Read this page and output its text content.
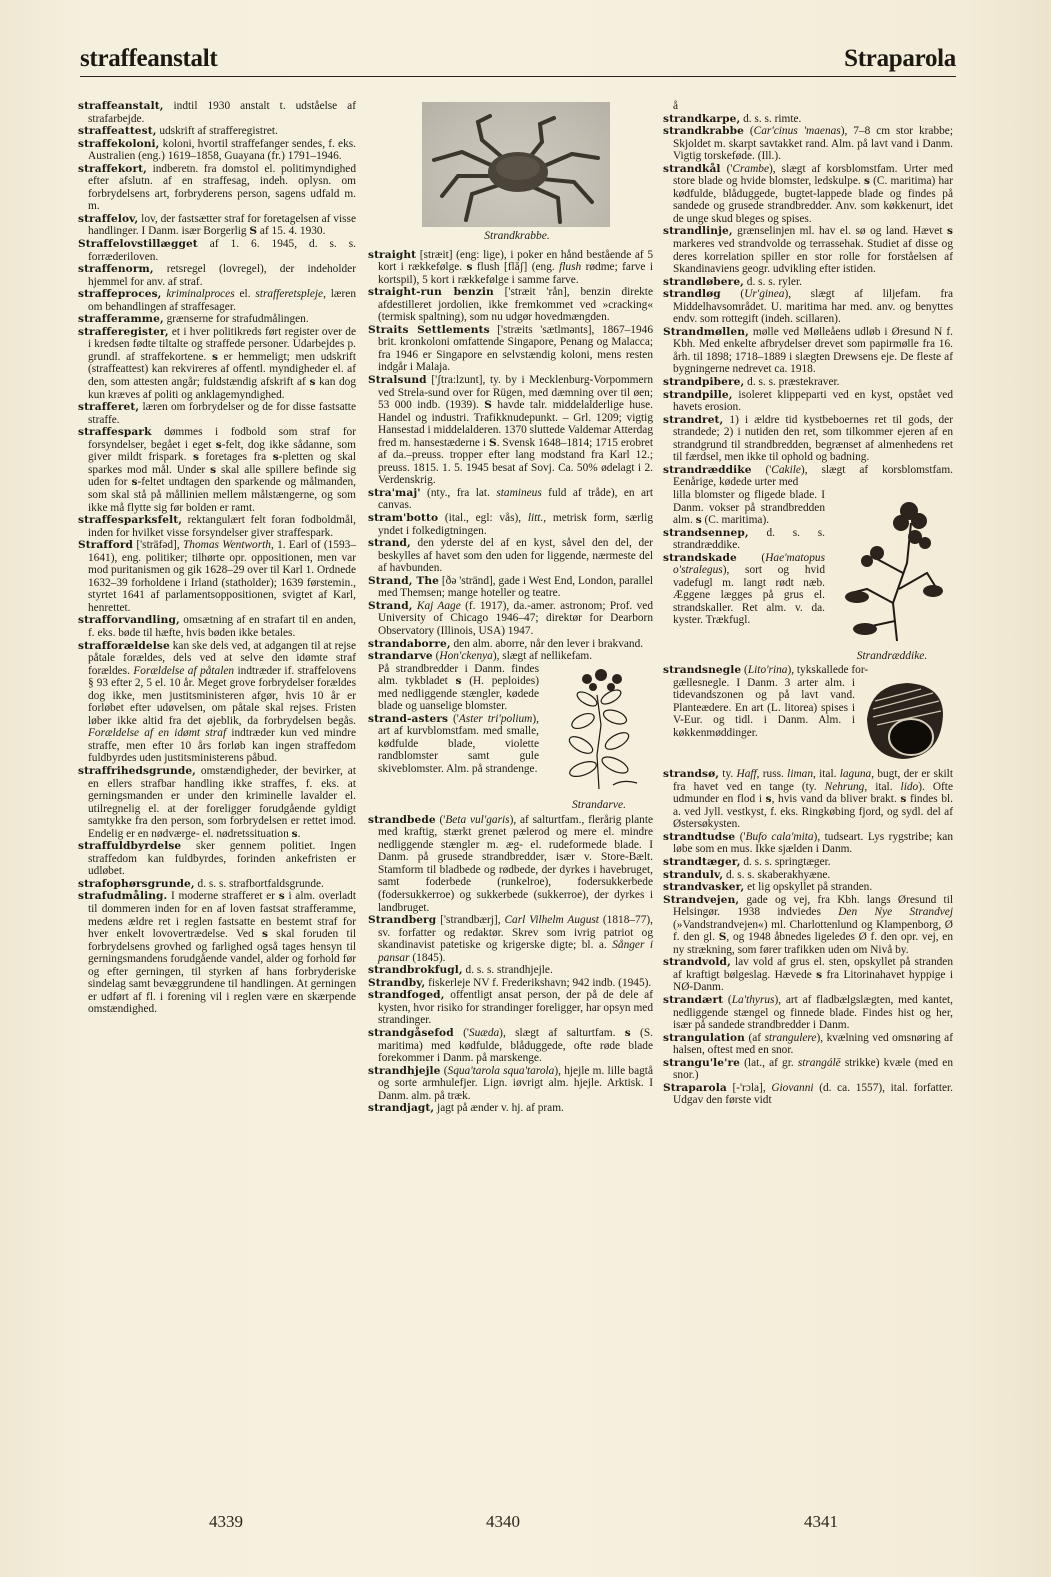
straffeanstalt	Straparola

straffeanstalt, indtil 1930 anstalt t. udståelse af strafarbejde.

straffeattest, udskrift af strafferegistret.

straffekoloni, koloni, hvortil straffefanger sendes, f. eks. Australien (eng.) 1619–1858, Guayana (fr.) 1791–1946.

straffekort, indberetn. fra domstol el. politimyndighed efter afslutn. af en straffesag, indeh. oplysn. om forbrydelsens art, forbryderens person, sagens udfald m. m.

straffelov, lov, der fastsætter straf for foretagelsen af visse handlinger. I Danm. især Borgerlig S af 15. 4. 1930.

Straffelovstillægget af 1. 6. 1945, d. s. s. forræderiloven.

straffenorm, retsregel (lovregel), der indeholder hjemmel for anv. af straf.

straffeproces, kriminalproces el. strafferetspleje, læren om behandlingen af straffesager.

strafferamme, grænserne for strafudmålingen.

strafferegister, et i hver politikreds ført register over de i kredsen fødte tiltalte og straffede personer. Udarbejdes p. grundl. af straffekortene. s er hemmeligt; men udskrift (straffeattest) kan rekvireres af offentl. myndigheder el. af den, som attesten angår; fuldstændig afskrift af s kan dog kun kræves af politi og anklagemyndighed.

strafferet, læren om forbrydelser og de for disse fastsatte straffe.

straffespark dømmes i fodbold som straf for forsyndelser, begået i eget s-felt, dog ikke sådanne, som giver mildt frispark. s foretages fra s-pletten og skal sparkes mod mål. Under s skal alle spillere befinde sig uden for s-feltet undtagen den sparkende og målmanden, som skal stå på mållinien mellem målstængerne, og som ikke må flytte sig før bolden er ramt.

straffesparksfelt, rektangulært felt foran fodboldmål, inden for hvilket visse forsyndelser giver straffespark.

Strafford ['sträfəd], Thomas Wentworth, 1. Earl of (1593–1641), eng. politiker; tilhørte opr. oppositionen, men var mod puritanismen og gik 1628–29 over til Karl 1. Ordnede 1632–39 forholdene i Irland (statholder); 1639 førstemin., styrtet 1641 af parlamentsoppositionen, svigtet af Karl, henrettet.

strafforvandling, omsætning af en strafart til en anden, f. eks. bøde til hæfte, hvis bøden ikke betales.

strafforældelse kan ske dels ved, at adgangen til at rejse påtale forældes, dels ved at selve den idømte straf forældes. Forældelse af påtalen indtræder if. straffelovens § 93 efter 2, 5 el. 10 år. Meget grove forbrydelser forældes dog ikke, men justitsministeren afgør, hvis 10 år er forløbet efter udøvelsen, om påtale skal rejses. Fristen løber ikke altid fra det øjeblik, da forbrydelsen begås. Forældelse af en idømt straf indtræder kun ved mindre straffe, men efter 10 års forløb kan ingen straffedom fuldbyrdes uden justitsministerens påbud.

straffrihedsgrunde, omstændigheder, der bevirker, at en ellers strafbar handling ikke straffes, f. eks. at gerningsmanden er under den kriminelle lavalder el. utilregnelig el. at der foreligger forudgående gyldigt samtykke fra den person, som forbrydelsen er rettet imod. Endelig er en nødværge- el. nødretssituation s.

straffuldbyrdelse sker gennem politiet. Ingen straffedom kan fuldbyrdes, forinden ankefristen er udløbet.

strafophørsgrunde, d. s. s. strafbortfaldsgrunde.

strafudmåling. I moderne strafferet er s i alm. overladt til dommeren inden for en af loven fastsat strafferamme, medens ældre ret i reglen fastsatte en bestemt straf for hver enkelt lovovertrædelse. Ved s skal foruden til forbrydelsens grovhed og farlighed også tages hensyn til gerningsmandens forudgående vandel, alder og forhold før og efter gerningen, til styrken af hans forbryderiske sindelag samt bevæggrundene til handlingen. At gerningen er udført af fl. i forening vil i reglen være en skærpende omstændighed.

Strandkrabbe.

straight [stræit] (eng: lige), i poker en hånd bestående af 5 kort i rækkefølge. s flush [flăʃ] (eng. flush rødme; farve i kortspil), 5 kort i rækkefølge i samme farve.

straight-run benzin ['stræit 'rån], benzin direkte afdestilleret jordolien, ikke fremkommet ved »cracking« (termisk spaltning), som nu udgør hovedmængden.

Straits Settlements ['stræits 'sætlmənts], 1867–1946 brit. kronkoloni omfattende Singapore, Penang og Malacca; fra 1946 er Singapore en selvstændig koloni, mens resten indgår i Malaja.

Stralsund ['ʃtra:lzunt], ty. by i Mecklenburg-Vorpommern ved Strela-sund over for Rügen, med dæmning over til øen; 53 000 indb. (1939). S havde talr. middelalderlige huse. Handel og industri. Trafikknudepunkt. – Grl. 1209; vigtig Hansestad i middelalderen. 1370 sluttede Valdemar Atterdag fred m. hansestæderne i S. Svensk 1648–1814; 1715 erobret af da.–preuss. tropper efter lang modstand fra Karl 12.; preuss. 1815. 1. 5. 1945 besat af Sovj. Ca. 50% ødelagt i 2. Verdenskrig.

stra'maj' (nty., fra lat. stamineus fuld af tråde), en art canvas.

stram'botto (ital., egl: vås), litt., metrisk form, særlig yndet i folkedigtningen.

strand, den yderste del af en kyst, såvel den del, der beskylles af havet som den uden for liggende, nærmeste del af havbunden.

Strand, The [ðə 'stränd], gade i West End, London, parallel med Themsen; mange hoteller og teatre.

Strand, Kaj Aage (f. 1917), da.-amer. astronom; Prof. ved University of Chicago 1946–47; direktør for Dearborn Observatory (Illinois, USA) 1947.

strandaborre, den alm. aborre, når den lever i brakvand.

strandarve (Hon'ckenya), slægt af nellikefam.

Strandarve.

På strandbredder i Danm. findes alm. tykbladet s (H. peploides) med nedliggende stængler, kødede blade og uanselige blomster.

strand-asters ('Aster tri'polium), art af kurvblomstfam. med smalle, kødfulde blade, violette randblomster samt gule skiveblomster. Alm. på strandenge.

strandbede ('Beta vul'garis), af salturtfam., flerårig plante med kraftig, stærkt grenet pælerod og mere el. mindre nedliggende stængler m. æg- el. rudeformede blade. I Danm. på grusede strandbredder, især v. Store-Bælt. Stamform til bladbede og rødbede, der dyrkes i havebruget, samt foderbede (runkelroe), fodersukkerbede (fodersukkerroe) og sukkerbede (sukkerroe), der dyrkes i landbruget.

Strandberg ['strandbærj], Carl Vilhelm August (1818–77), sv. forfatter og redaktør. Skrev som ivrig patriot og skandinavist patetiske og krigerske digte; bl. a. Sånger i pansar (1845).

strandbrokfugl, d. s. s. strandhjejle.

Strandby, fiskerleje NV f. Frederikshavn; 942 indb. (1945).

strandfoged, offentligt ansat person, der på de dele af kysten, hvor risiko for strandinger foreligger, har opsyn med strandinger.

strandgåsefod ('Suæda), slægt af salturtfam. s (S. maritima) med kødfulde, blåduggede, ofte røde blade forekommer i Danm. på marskenge.

strandhjejle (Squa'tarola squa'tarola), hjejle m. lille bagtå og sorte armhulefjer. Lign. iøvrigt alm. hjejle. Arktisk. I Danm. alm. på træk.

strandjagt, jagt på ænder v. hj. af pram.

å

strandkarpe, d. s. s. rimte.

strandkrabbe (Car'cinus 'maenas), 7–8 cm stor krabbe; Skjoldet m. skarpt savtakket rand. Alm. på lavt vand i Danm. Vigtig torskeføde. (Ill.).

strandkål ('Crambe), slægt af korsblomstfam. Urter med store blade og hvide blomster, ledskulpe. s (C. maritima) har kødfulde, blåduggede, bugtet-lappede blade og findes på sandede og grusede strandbredder. Anv. som køkkenurt, idet de unge skud bleges og spises.

strandlinje, grænselinjen ml. hav el. sø og land. Hævet s markeres ved strandvolde og terrassehak. Studiet af disse og deres korrelation spiller en stor rolle for forståelsen af Skandinaviens geogr. udvikling efter istiden.

strandløbere, d. s. s. ryler.

strandløg (Ur'ginea), slægt af liljefam. fra Middelhavsområdet. U. maritima har med. anv. og benyttes endv. som rottegift (indeh. scillaren).

Strandmøllen, mølle ved Mølleåens udløb i Øresund N f. Kbh. Med enkelte afbrydelser drevet som papirmølle fra 16. årh. til 1898; 1718–1889 i slægten Drewsens eje. De fleste af bygningerne nedrevet ca. 1918.

strandpibere, d. s. s. præstekraver.

strandpille, isoleret klippeparti ved en kyst, opstået ved havets erosion.

strandret, 1) i ældre tid kystbeboernes ret til gods, der strandede; 2) i nutiden den ret, som tilkommer ejeren af en strandgrund til strandbredden, begrænset af almenhedens ret til færdsel, men ikke til ophold og badning.

strandræddike ('Cakile), slægt af korsblomstfam. Eenårige, kødede urter med

Strandræddike.

lilla blomster og fligede blade. I Danm. vokser på strandbredden alm. s (C. maritima).

strandsennep, d. s. s. strandræddike.

strandskade (Hae'matopus o'stralegus), sort og hvid vadefugl m. langt rødt næb. Æggene lægges på grus el. strandskaller. Ret alm. v. da. kyster. Trækfugl.

strandsnegle (Lito'rina), tykskallede for-

gællesnegle. I Danm. 3 arter alm. i tidevandszonen og på lavt vand. Planteædere. En art (L. litorea) spises i V-Eur. og tidl. i Danm. Alm. i køkkenmøddinger.

strandsø, ty. Haff, russ. liman, ital. laguna, bugt, der er skilt fra havet ved en tange (ty. Nehrung, ital. lido). Ofte udmunder en flod i s, hvis vand da bliver brakt. s findes bl. a. ved Jyll. vestkyst, f. eks. Ringkøbing fjord, og sydl. del af Østersøkysten.

strandtudse ('Bufo cala'mita), tudseart. Lys rygstribe; kan løbe som en mus. Ikke sjælden i Danm.

strandtæger, d. s. s. springtæger.

strandulv, d. s. s. skaberakhyæne.

strandvasker, et lig opskyllet på stranden.

Strandvejen, gade og vej, fra Kbh. langs Øresund til Helsingør. 1938 indviedes Den Nye Strandvej (»Vandstrandvejen«) ml. Charlottenlund og Klampenborg, Ø f. den gl. S, og 1948 åbnedes ligeledes Ø f. den opr. vej, en ny strækning, som fører trafikken uden om Nivå by.

strandvold, lav vold af grus el. sten, opskyllet på stranden af kraftigt bølgeslag. Hævede s fra Litorinahavet hyppige i NØ-Danm.

strandært (La'thyrus), art af fladbælgslægten, med kantet, nedliggende stængel og finnede blade. Findes hist og her, især på sandede strandbredder i Danm.

strangulation (af strangulere), kvælning ved omsnøring af halsen, oftest med en snor.

strangu'le're (lat., af gr. strangálē strikke) kvæle (med en snor.)

Straparola [-'rɔla], Giovanni (d. ca. 1557), ital. forfatter. Udgav den første vidt

4339	4340	4341
